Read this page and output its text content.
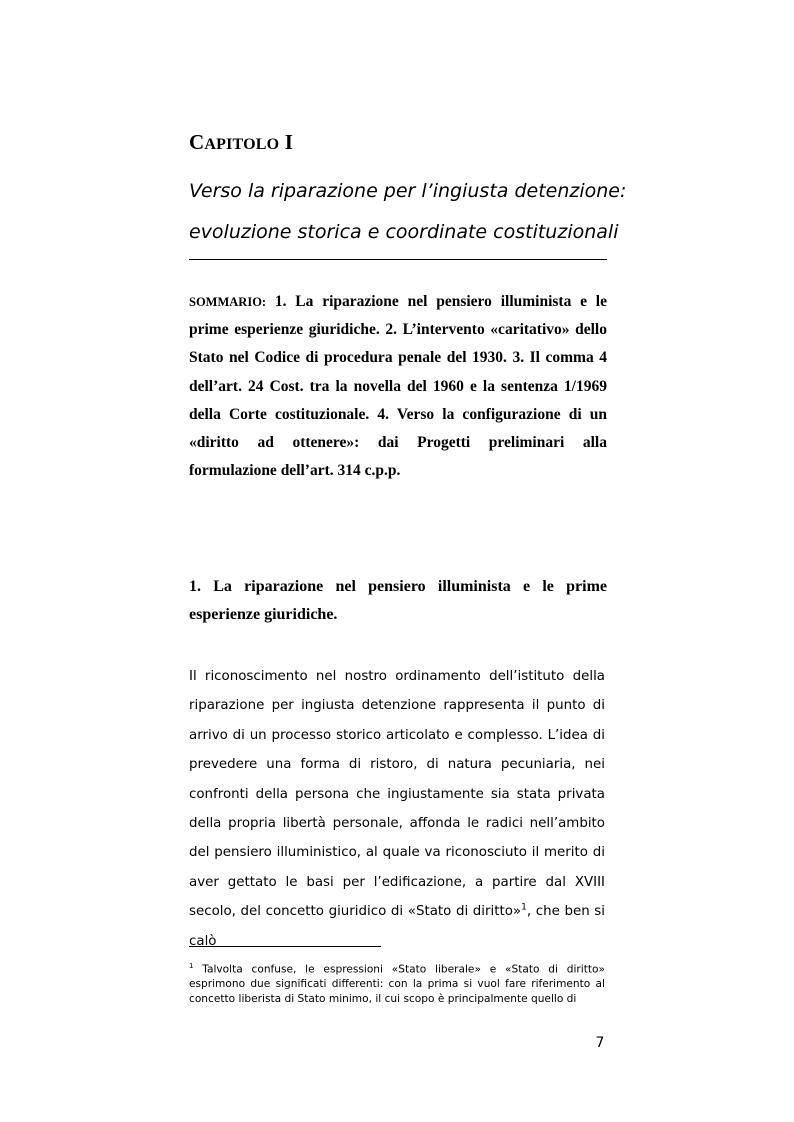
CAPITOLO I
Verso la riparazione per l’ingiusta detenzione:
evoluzione storica e coordinate costituzionali
SOMMARIO: 1. La riparazione nel pensiero illuminista e le prime esperienze giuridiche. 2. L’intervento «caritativo» dello Stato nel Codice di procedura penale del 1930. 3. Il comma 4 dell’art. 24 Cost. tra la novella del 1960 e la sentenza 1/1969 della Corte costituzionale. 4. Verso la configurazione di un «diritto ad ottenere»: dai Progetti preliminari alla formulazione dell’art. 314 c.p.p.
1. La riparazione nel pensiero illuminista e le prime esperienze giuridiche.
Il riconoscimento nel nostro ordinamento dell’istituto della riparazione per ingiusta detenzione rappresenta il punto di arrivo di un processo storico articolato e complesso. L’idea di prevedere una forma di ristoro, di natura pecuniaria, nei confronti della persona che ingiustamente sia stata privata della propria libertà personale, affonda le radici nell’ambito del pensiero illuministico, al quale va riconosciuto il merito di aver gettato le basi per l’edificazione, a partire dal XVIII secolo, del concetto giuridico di «Stato di diritto»$^1$, che ben si calò
$^1$ Talvolta confuse, le espressioni «Stato liberale» e «Stato di diritto» esprimono due significati differenti: con la prima si vuol fare riferimento al concetto liberista di Stato minimo, il cui scopo è principalmente quello di
7
